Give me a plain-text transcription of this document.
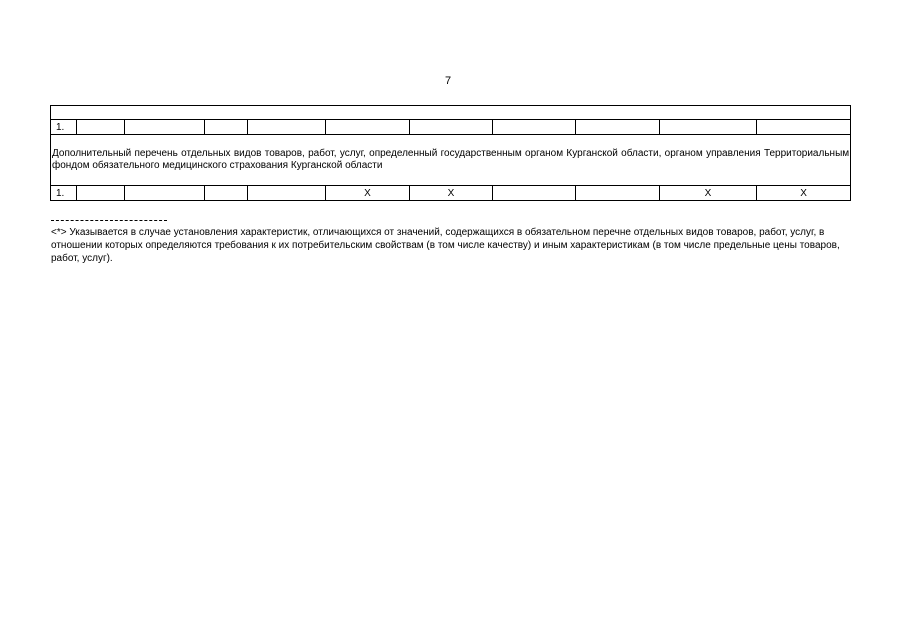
7

1.										
Дополнительный перечень отдельных видов товаров, работ, услуг, определенный государственным органом Курганской области, органом управления Территориальным фондом обязательного медицинского страхования Курганской области										
1.					X	X			X	X
<*> Указывается в случае установления характеристик, отличающихся от значений, содержащихся в обязательном перечне отдельных видов товаров, работ, услуг, в отношении которых определяются требования к их потребительским свойствам (в том числе качеству) и иным характеристикам (в том числе предельные цены товаров, работ, услуг).
